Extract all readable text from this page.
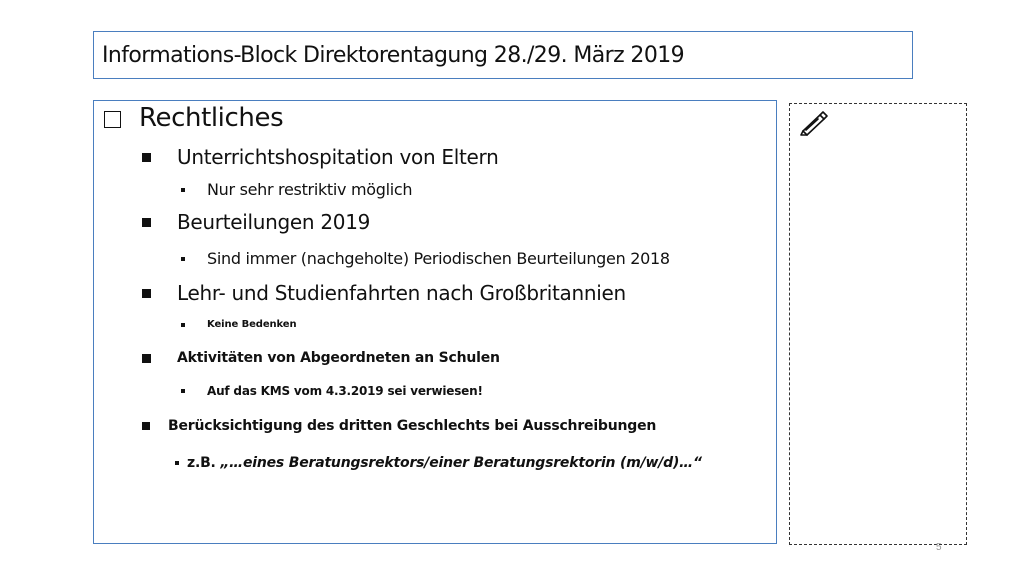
Informations-Block Direktorentagung 28./29. März 2019
Rechtliches
Unterrichtshospitation von Eltern
Nur sehr restriktiv möglich
Beurteilungen 2019
Sind immer (nachgeholte) Periodischen Beurteilungen 2018
Lehr- und Studienfahrten nach Großbritannien
Keine Bedenken
Aktivitäten von Abgeordneten an Schulen
Auf das KMS vom 4.3.2019 sei verwiesen!
Berücksichtigung des dritten Geschlechts bei Ausschreibungen
z.B. „…eines Beratungsrektors/einer Beratungsrektorin (m/w/d)…“
5
